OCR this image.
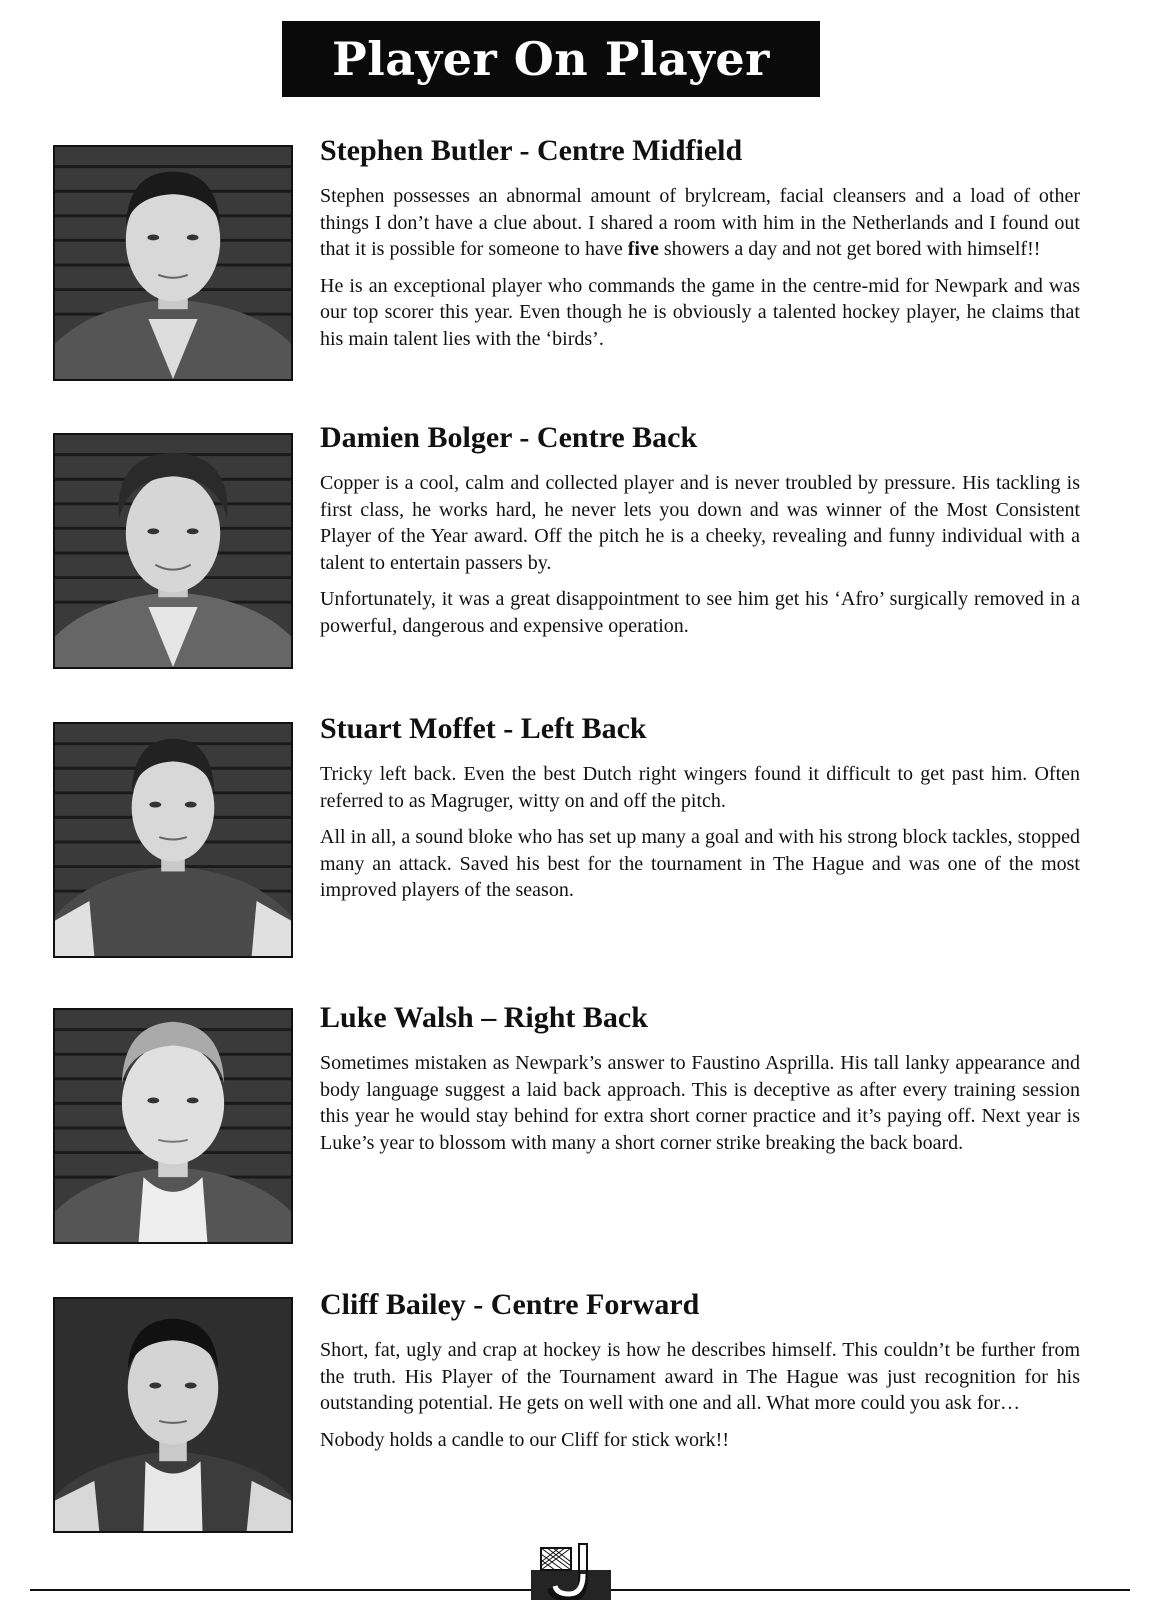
Player On Player
Stephen Butler - Centre Midfield

Stephen possesses an abnormal amount of brylcream, facial cleansers and a load of other things I don’t have a clue about. I shared a room with him in the Netherlands and I found out that it is possible for someone to have five showers a day and not get bored with himself!!

He is an exceptional player who commands the game in the centre-mid for Newpark and was our top scorer this year. Even though he is obviously a talented hockey player, he claims that his main talent lies with the ‘birds’.

Damien Bolger - Centre Back

Copper is a cool, calm and collected player and is never troubled by pressure. His tackling is first class, he works hard, he never lets you down and was winner of the Most Consistent Player of the Year award. Off the pitch he is a cheeky, revealing and funny individual with a talent to entertain passers by.

Unfortunately, it was a great disappointment to see him get his ‘Afro’ surgically removed in a powerful, dangerous and expensive operation.

Stuart Moffet - Left Back

Tricky left back. Even the best Dutch right wingers found it difficult to get past him. Often referred to as Magruger, witty on and off the pitch.

All in all, a sound bloke who has set up many a goal and with his strong block tackles, stopped many an attack. Saved his best for the tournament in The Hague and was one of the most improved players of the season.

Luke Walsh – Right Back

Sometimes mistaken as Newpark’s answer to Faustino Asprilla. His tall lanky appearance and body language suggest a laid back approach. This is deceptive as after every training session this year he would stay behind for extra short corner practice and it’s paying off. Next year is Luke’s year to blossom with many a short corner strike breaking the back board.

Cliff Bailey - Centre Forward

Short, fat, ugly and crap at hockey is how he describes himself. This couldn’t be further from the truth. His Player of the Tournament award in The Hague was just recognition for his outstanding potential. He gets on well with one and all. What more could you ask for…

Nobody holds a candle to our Cliff for stick work!!
